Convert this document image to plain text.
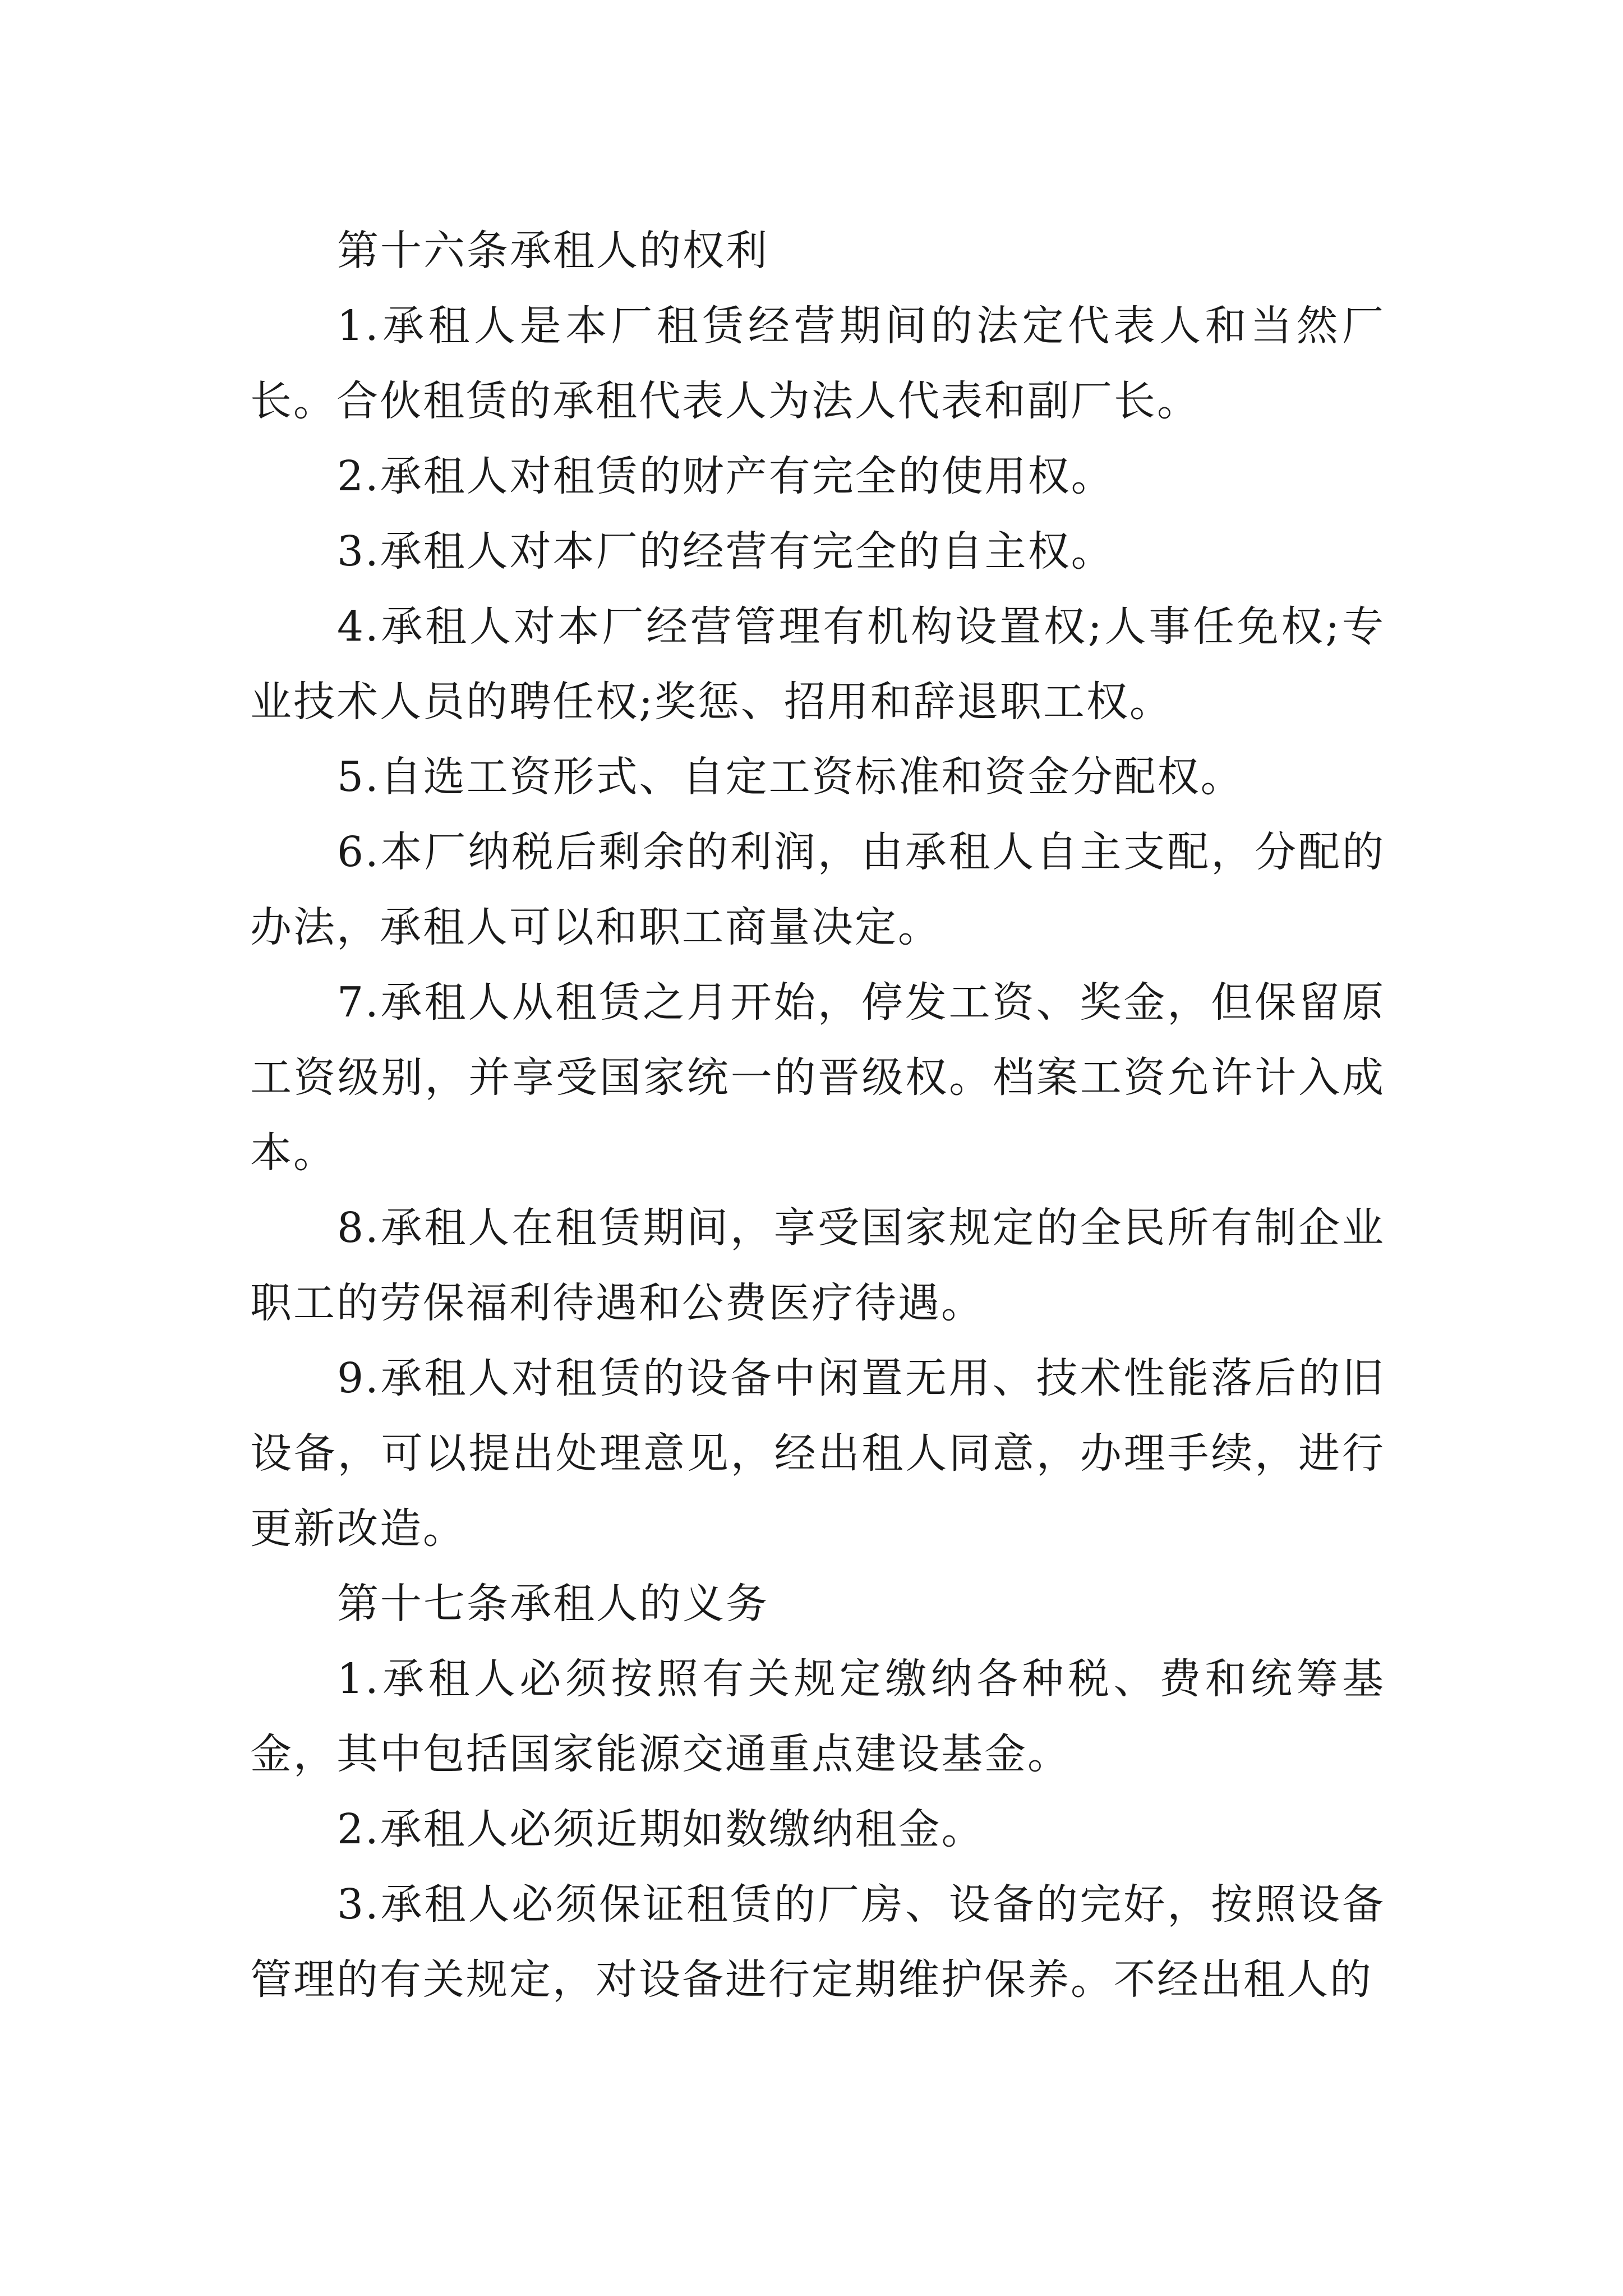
第十六条承租人的权利

1.承租人是本厂租赁经营期间的法定代表人和当然厂长。合伙租赁的承租代表人为法人代表和副厂长。

2.承租人对租赁的财产有完全的使用权。

3.承租人对本厂的经营有完全的自主权。

4.承租人对本厂经营管理有机构设置权;人事任免权;专业技术人员的聘任权;奖惩、招用和辞退职工权。

5.自选工资形式、自定工资标准和资金分配权。

6.本厂纳税后剩余的利润，由承租人自主支配，分配的办法，承租人可以和职工商量决定。

7.承租人从租赁之月开始，停发工资、奖金，但保留原工资级别，并享受国家统一的晋级权。档案工资允许计入成本。

8.承租人在租赁期间，享受国家规定的全民所有制企业职工的劳保福利待遇和公费医疗待遇。

9.承租人对租赁的设备中闲置无用、技术性能落后的旧设备，可以提出处理意见，经出租人同意，办理手续，进行更新改造。

第十七条承租人的义务

1.承租人必须按照有关规定缴纳各种税、费和统筹基金，其中包括国家能源交通重点建设基金。

2.承租人必须近期如数缴纳租金。

3.承租人必须保证租赁的厂房、设备的完好，按照设备管理的有关规定，对设备进行定期维护保养。不经出租人的
